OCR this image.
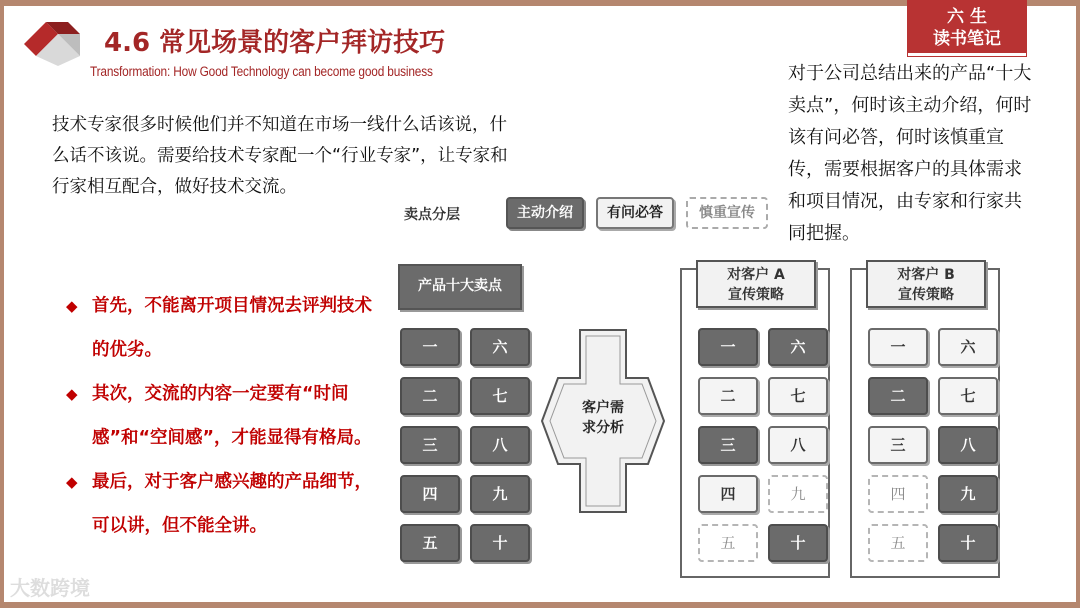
4.6 常见场景的客户拜访技巧
Transformation: How Good Technology can become good business
六 生
读书笔记
对于公司总结出来的产品“十大卖点”，何时该主动介绍，何时该有问必答，何时该慎重宣传，需要根据客户的具体需求和项目情况，由专家和行家共同把握。
技术专家很多时候他们并不知道在市场一线什么话该说，什么话不该说。需要给技术专家配一个“行业专家”，让专家和行家相互配合，做好技术交流。
◆ 首先，不能离开项目情况去评判技术的优劣。
◆ 其次，交流的内容一定要有“时间感”和“空间感”，才能显得有格局。
◆ 最后，对于客户感兴趣的产品细节，可以讲，但不能全讲。
大数跨境
卖点分层	主动介绍	有问必答	慎重宣传
产品十大卖点
客户需
求分析
对客户 A
宣传策略
对客户 B
宣传策略
一	六
二	七
三	八
四	九
五	十
一	六
二	七
三	八
四	九
五	十
一	六
二	七
三	八
四	九
五	十
